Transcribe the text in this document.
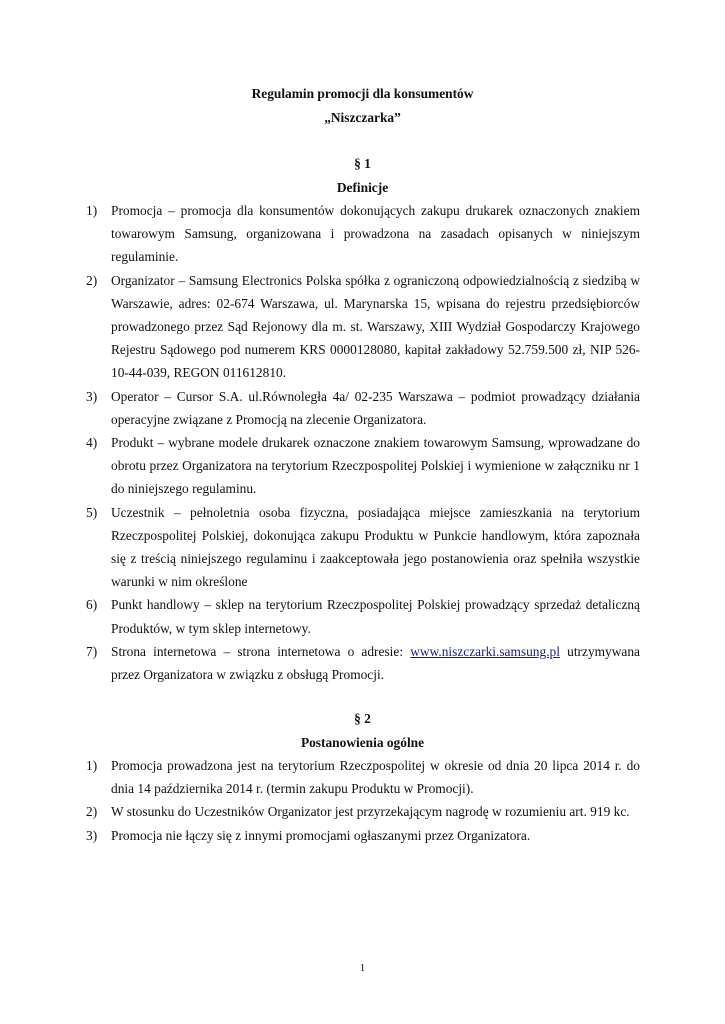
Regulamin promocji dla konsumentów
„Niszczarka”
§ 1
Definicje
1) Promocja – promocja dla konsumentów dokonujących zakupu drukarek oznaczonych znakiem towarowym Samsung, organizowana i prowadzona na zasadach opisanych w niniejszym regulaminie.
2) Organizator – Samsung Electronics Polska spółka z ograniczoną odpowiedzialnością z siedzibą w Warszawie, adres: 02-674 Warszawa, ul. Marynarska 15, wpisana do rejestru przedsiębiorców prowadzonego przez Sąd Rejonowy dla m. st. Warszawy, XIII Wydział Gospodarczy Krajowego Rejestru Sądowego pod numerem KRS 0000128080, kapitał zakładowy 52.759.500 zł, NIP 526-10-44-039, REGON 011612810.
3) Operator – Cursor S.A. ul.Równoległa 4a/ 02-235 Warszawa – podmiot prowadzący działania operacyjne związane z Promocją na zlecenie Organizatora.
4) Produkt – wybrane modele drukarek oznaczone znakiem towarowym Samsung, wprowadzane do obrotu przez Organizatora na terytorium Rzeczpospolitej Polskiej i wymienione w załączniku nr 1 do niniejszego regulaminu.
5) Uczestnik – pełnoletnia osoba fizyczna, posiadająca miejsce zamieszkania na terytorium Rzeczpospolitej Polskiej, dokonująca zakupu Produktu w Punkcie handlowym, która zapoznała się z treścią niniejszego regulaminu i zaakceptowała jego postanowienia oraz spełniła wszystkie warunki w nim określone
6) Punkt handlowy – sklep na terytorium Rzeczpospolitej Polskiej prowadzący sprzedaż detaliczną Produktów, w tym sklep internetowy.
7) Strona internetowa – strona internetowa o adresie: www.niszczarki.samsung.pl utrzymywana przez Organizatora w związku z obsługą Promocji.
§ 2
Postanowienia ogólne
1) Promocja prowadzona jest na terytorium Rzeczpospolitej w okresie od dnia 20 lipca 2014 r. do dnia 14 października 2014 r. (termin zakupu Produktu w Promocji).
2) W stosunku do Uczestników Organizator jest przyrzekającym nagrodę w rozumieniu art. 919 kc.
3) Promocja nie łączy się z innymi promocjami ogłaszanymi przez Organizatora.
1
